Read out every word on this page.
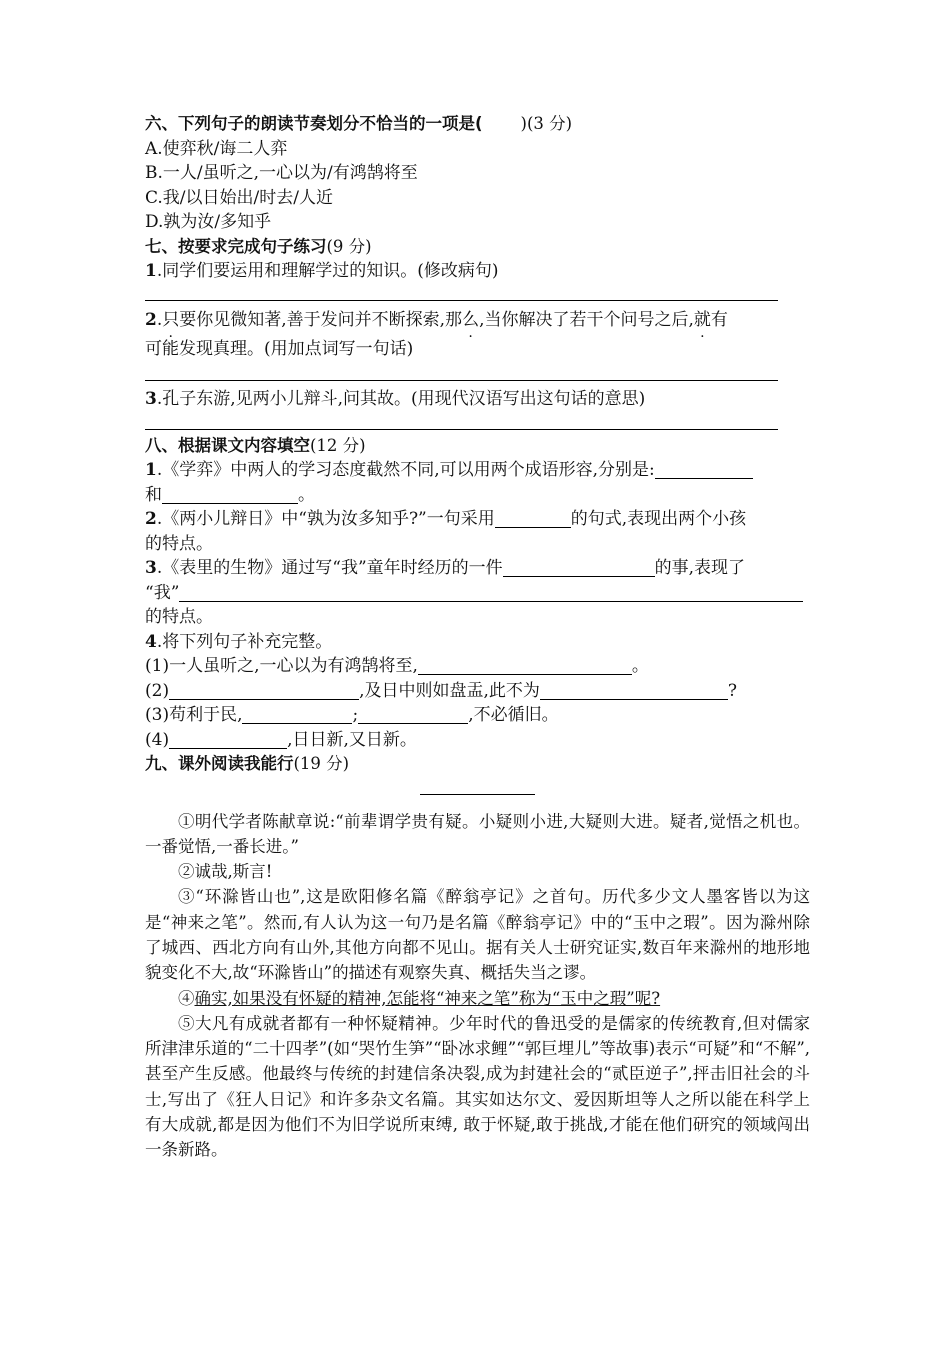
六、下列句子的朗读节奏划分不恰当的一项是( )(3 分)
A.使弈秋/诲二人弈
B.一人/虽听之,一心以为/有鸿鹄将至
C.我/以日始出/时去/人近
D.孰为汝/多知乎
七、按要求完成句子练习(9 分)
1.同学们要运用和理解学过的知识。(修改病句)
2.只要你见微知著,善于发问并不断探索,那么,当你解决了若干个问号之后,就有
可能发现真理。(用加点词写一句话)
3.孔子东游,见两小儿辩斗,问其故。(用现代汉语写出这句话的意思)
八、根据课文内容填空(12 分)
1.《学弈》中两人的学习态度截然不同,可以用两个成语形容,分别是:
和	。
2.《两小儿辩日》中“孰为汝多知乎?”一句采用	的句式,表现出两个小孩
的特点。
3.《表里的生物》通过写“我”童年时经历的一件	的事,表现了
“我”
的特点。
4.将下列句子补充完整。
(1)一人虽听之,一心以为有鸿鹄将至,	。
(2)	,及日中则如盘盂,此不为	?
(3)苟利于民,	;	,不必循旧。
(4)	,日日新,又日新。
九、课外阅读我能行(19 分)
①明代学者陈献章说:“前辈谓学贵有疑。小疑则小进,大疑则大进。疑者,觉悟之机也。一番觉悟,一番长进。”
②诚哉,斯言!
③“环滁皆山也”,这是欧阳修名篇《醉翁亭记》之首句。历代多少文人墨客皆以为这是“神来之笔”。然而,有人认为这一句乃是名篇《醉翁亭记》中的“玉中之瑕”。因为滁州除了城西、西北方向有山外,其他方向都不见山。据有关人士研究证实,数百年来滁州的地形地貌变化不大,故“环滁皆山”的描述有观察失真、概括失当之谬。
④确实,如果没有怀疑的精神,怎能将“神来之笔”称为“玉中之瑕”呢?
⑤大凡有成就者都有一种怀疑精神。少年时代的鲁迅受的是儒家的传统教育,但对儒家所津津乐道的“二十四孝”(如“哭竹生笋”“卧冰求鲤”“郭巨埋儿”等故事)表示“可疑”和“不解”,甚至产生反感。他最终与传统的封建信条决裂,成为封建社会的“贰臣逆子”,抨击旧社会的斗士,写出了《狂人日记》和许多杂文名篇。其实如达尔文、爱因斯坦等人之所以能在科学上有大成就,都是因为他们不为旧学说所束缚, 敢于怀疑,敢于挑战,才能在他们研究的领域闯出一条新路。
